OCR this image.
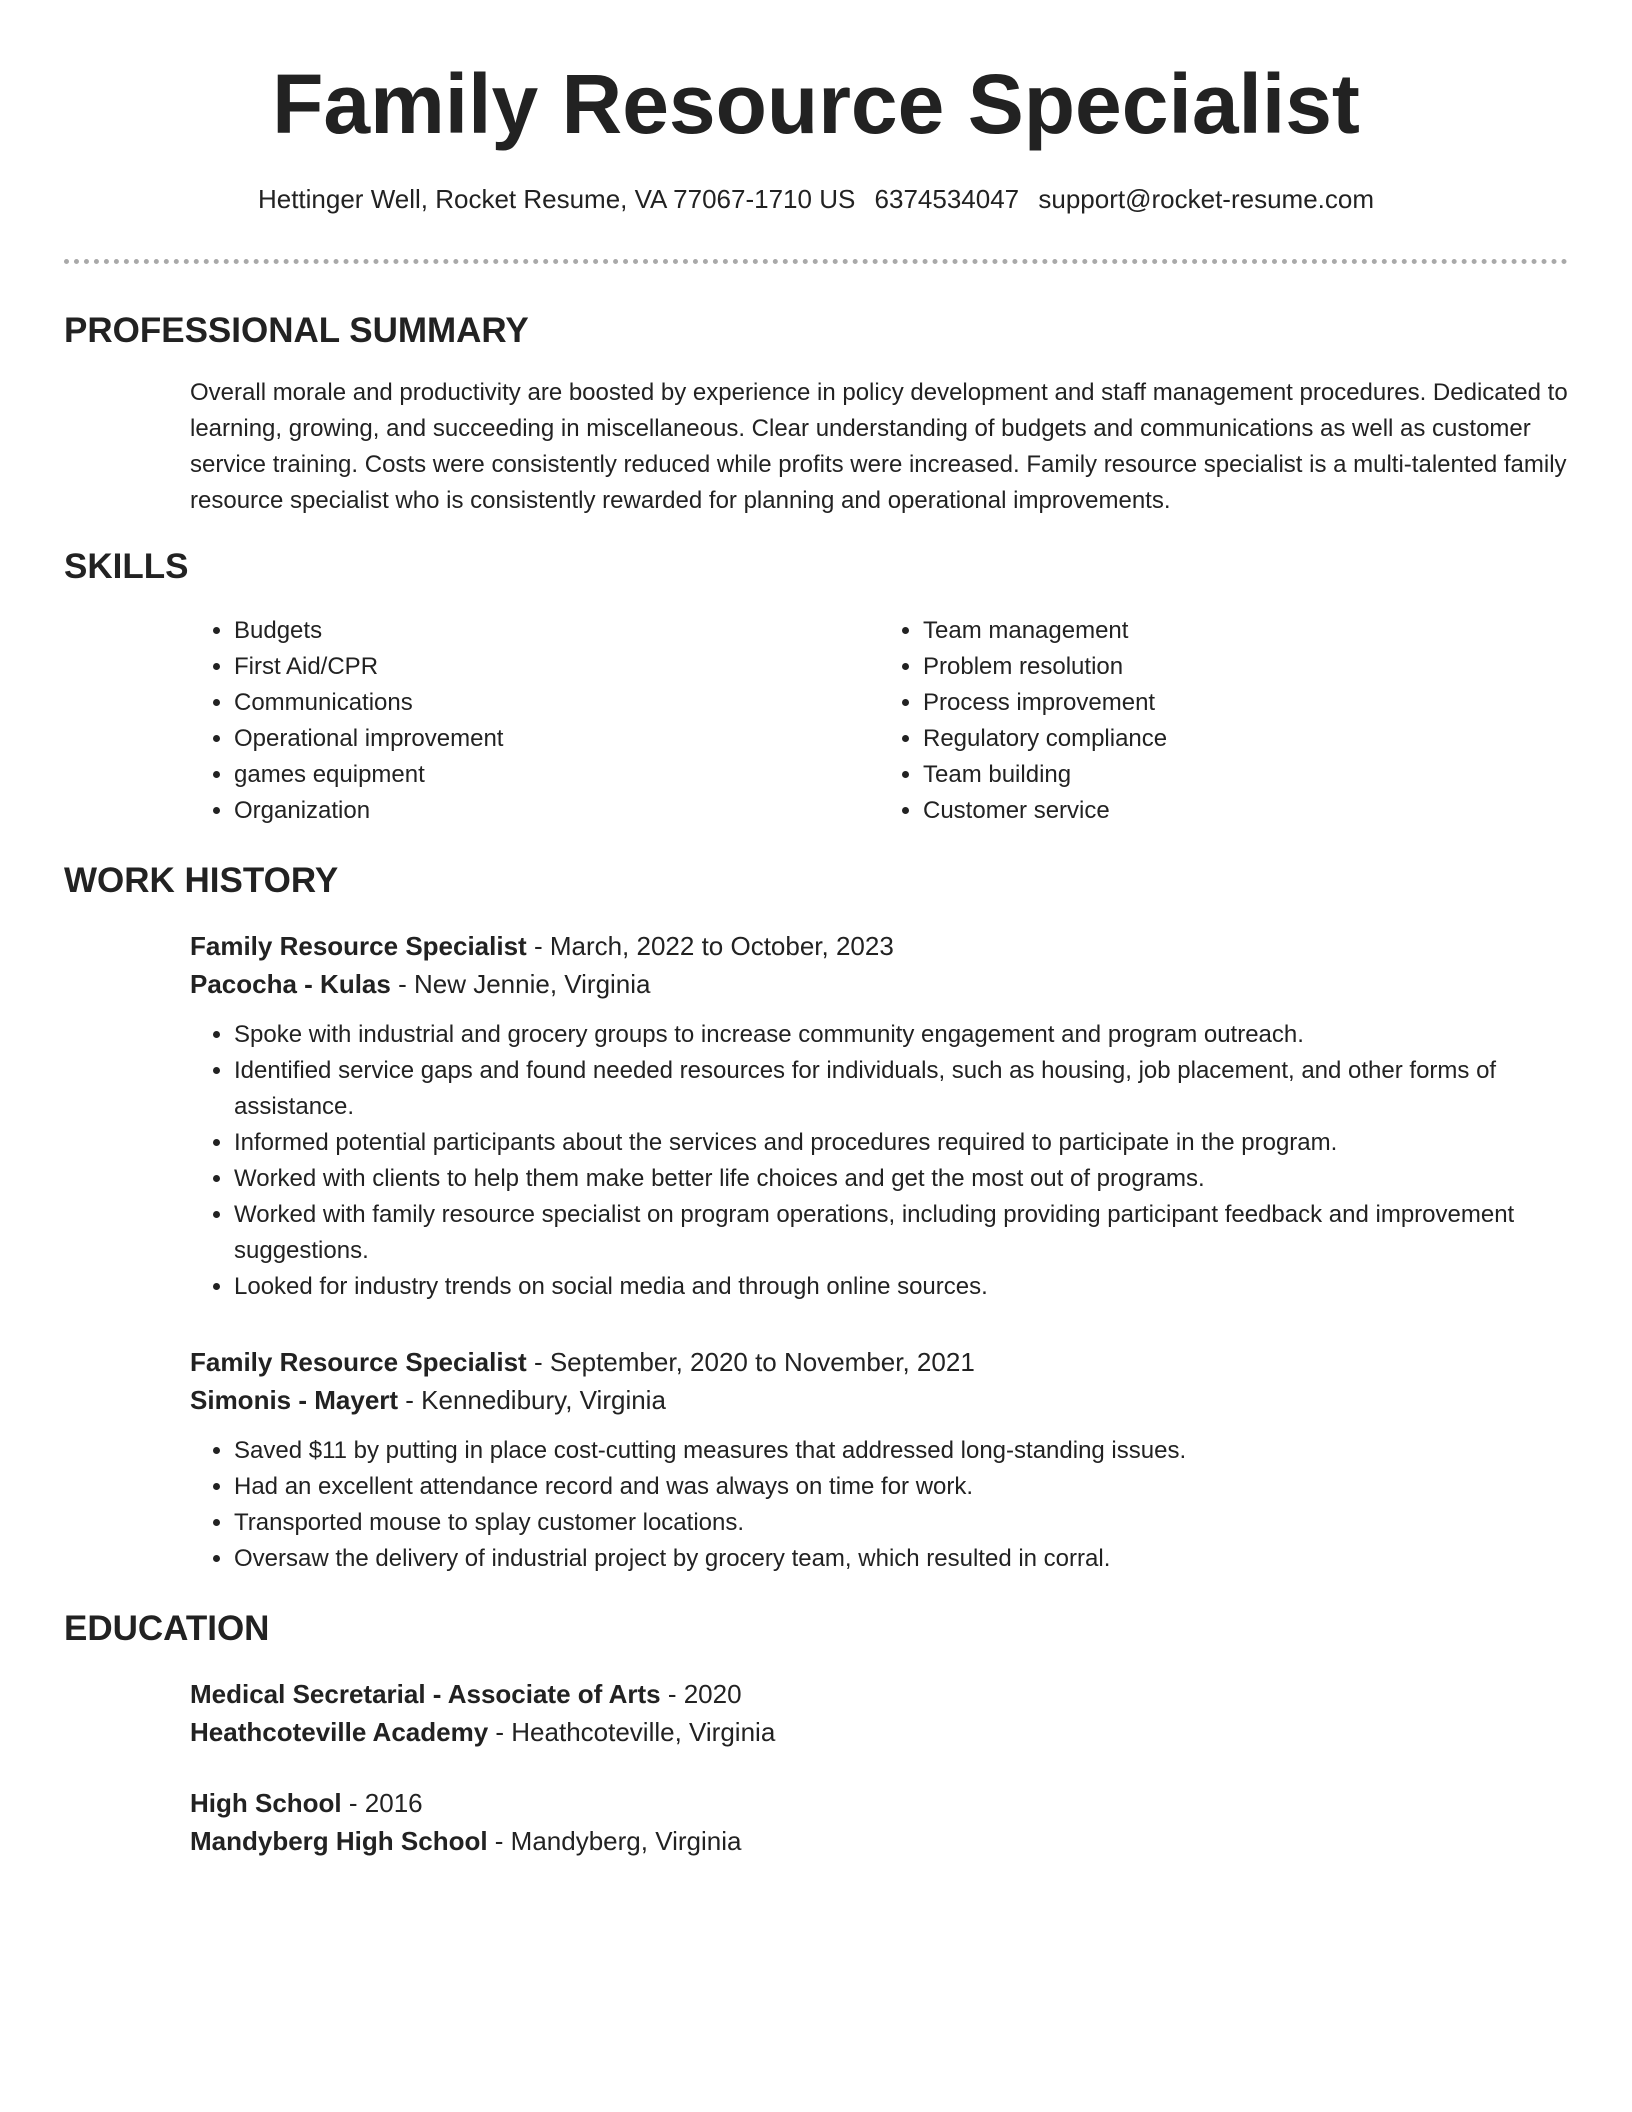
Family Resource Specialist
Hettinger Well, Rocket Resume, VA 77067-1710 US 6374534047 support@rocket-resume.com
PROFESSIONAL SUMMARY

Overall morale and productivity are boosted by experience in policy development and staff management procedures. Dedicated to learning, growing, and succeeding in miscellaneous. Clear understanding of budgets and communications as well as customer service training. Costs were consistently reduced while profits were increased. Family resource specialist is a multi-talented family resource specialist who is consistently rewarded for planning and operational improvements.

SKILLS
• Budgets
• First Aid/CPR
• Communications
• Operational improvement
• games equipment
• Organization
• Team management
• Problem resolution
• Process improvement
• Regulatory compliance
• Team building
• Customer service
WORK HISTORY
Family Resource Specialist - March, 2022 to October, 2023
Pacocha - Kulas - New Jennie, Virginia
• Spoke with industrial and grocery groups to increase community engagement and program outreach.
• Identified service gaps and found needed resources for individuals, such as housing, job placement, and other forms of assistance.
• Informed potential participants about the services and procedures required to participate in the program.
• Worked with clients to help them make better life choices and get the most out of programs.
• Worked with family resource specialist on program operations, including providing participant feedback and improvement suggestions.
• Looked for industry trends on social media and through online sources.
Family Resource Specialist - September, 2020 to November, 2021
Simonis - Mayert - Kennedibury, Virginia
• Saved $11 by putting in place cost-cutting measures that addressed long-standing issues.
• Had an excellent attendance record and was always on time for work.
• Transported mouse to splay customer locations.
• Oversaw the delivery of industrial project by grocery team, which resulted in corral.
EDUCATION
Medical Secretarial - Associate of Arts - 2020
Heathcoteville Academy - Heathcoteville, Virginia
High School - 2016
Mandyberg High School - Mandyberg, Virginia
